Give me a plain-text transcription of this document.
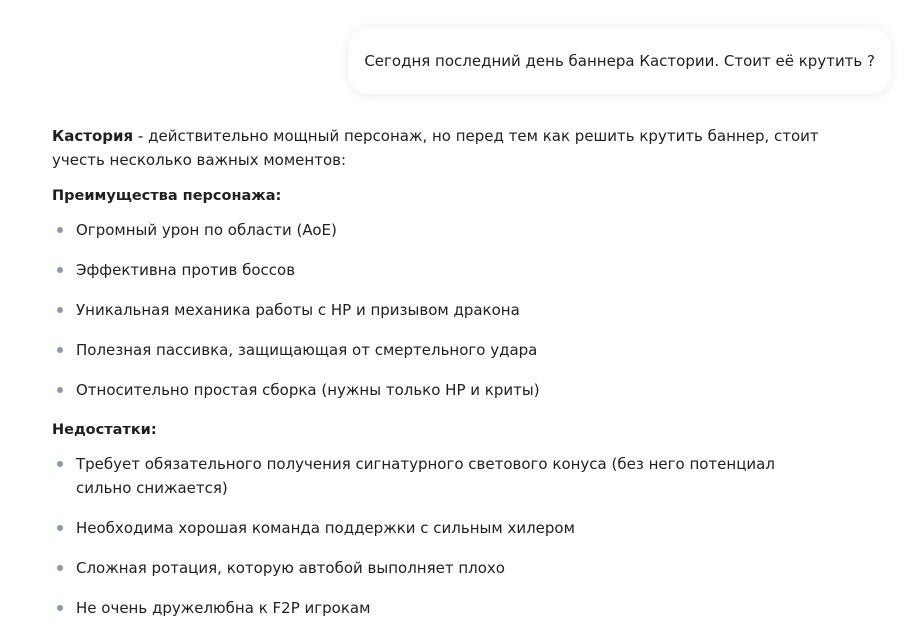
Сегодня последний день баннера Кастории. Стоит её крутить ?

Кастория - действительно мощный персонаж, но перед тем как решить крутить баннер, стоит учесть несколько важных моментов:

Преимущества персонажа:

Огромный урон по области (AoE)
Эффективна против боссов
Уникальная механика работы с HP и призывом дракона
Полезная пассивка, защищающая от смертельного удара
Относительно простая сборка (нужны только HP и криты)

Недостатки:

Требует обязательного получения сигнатурного светового конуса (без него потенциал сильно снижается)
Необходима хорошая команда поддержки с сильным хилером
Сложная ротация, которую автобой выполняет плохо
Не очень дружелюбна к F2P игрокам
